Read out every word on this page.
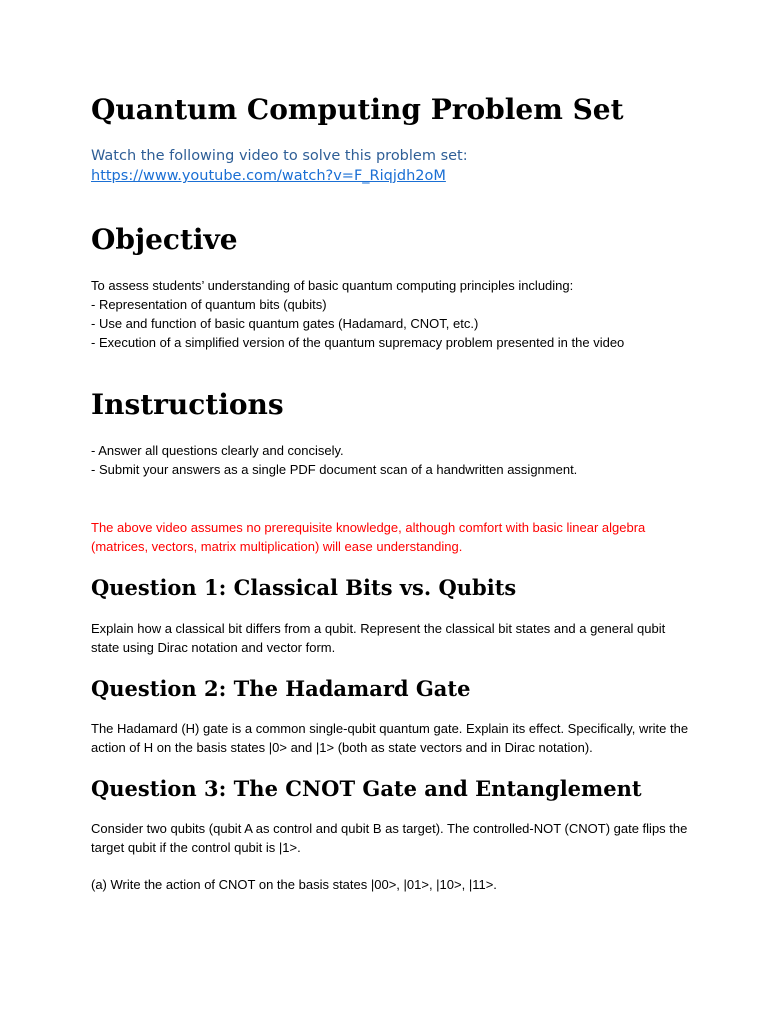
Quantum Computing Problem Set
Watch the following video to solve this problem set:
https://www.youtube.com/watch?v=F_Riqjdh2oM
Objective
To assess students’ understanding of basic quantum computing principles including:
- Representation of quantum bits (qubits)
- Use and function of basic quantum gates (Hadamard, CNOT, etc.)
- Execution of a simplified version of the quantum supremacy problem presented in the video
Instructions
- Answer all questions clearly and concisely.
- Submit your answers as a single PDF document scan of a handwritten assignment.
The above video assumes no prerequisite knowledge, although comfort with basic linear algebra
(matrices, vectors, matrix multiplication) will ease understanding.
Question 1: Classical Bits vs. Qubits
Explain how a classical bit differs from a qubit. Represent the classical bit states and a general qubit
state using Dirac notation and vector form.
Question 2: The Hadamard Gate
The Hadamard (H) gate is a common single-qubit quantum gate. Explain its effect. Specifically, write the
action of H on the basis states |0> and |1> (both as state vectors and in Dirac notation).
Question 3: The CNOT Gate and Entanglement
Consider two qubits (qubit A as control and qubit B as target). The controlled-NOT (CNOT) gate flips the
target qubit if the control qubit is |1>.
(a) Write the action of CNOT on the basis states |00>, |01>, |10>, |11>.
